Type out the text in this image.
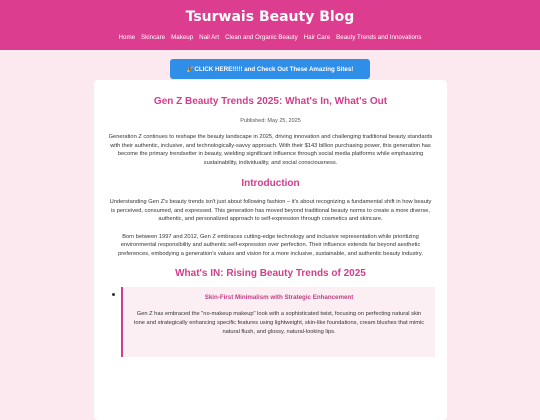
Tsurwais Beauty Blog
Home Skincare Makeup Nail Art Clean and Organic Beauty Hair Care Beauty Trends and Innovations
🎉CLICK HERE!!!!! and Check Out These Amazing Sites!
Gen Z Beauty Trends 2025: What's In, What's Out
Published: May 25, 2025

Generation Z continues to reshape the beauty landscape in 2025, driving innovation and challenging traditional beauty standards with their authentic, inclusive, and technologically-savvy approach. With their $143 billion purchasing power, this generation has become the primary trendsetter in beauty, wielding significant influence through social media platforms while emphasizing sustainability, individuality, and social consciousness.

Introduction

Understanding Gen Z's beauty trends isn't just about following fashion – it's about recognizing a fundamental shift in how beauty is perceived, consumed, and expressed. This generation has moved beyond traditional beauty norms to create a more diverse, authentic, and personalized approach to self-expression through cosmetics and skincare.

Born between 1997 and 2012, Gen Z embraces cutting-edge technology and inclusive representation while prioritizing environmental responsibility and authentic self-expression over perfection. Their influence extends far beyond aesthetic preferences, embodying a generation's values and vision for a more inclusive, sustainable, and authentic beauty industry.

What's IN: Rising Beauty Trends of 2025
Skin-First Minimalism with Strategic Enhancement
Gen Z has embraced the "no-makeup makeup" look with a sophisticated twist, focusing on perfecting natural skin tone and strategically enhancing specific features using lightweight, skin-like foundations, cream blushes that mimic natural flush, and glossy, natural-looking lips.
